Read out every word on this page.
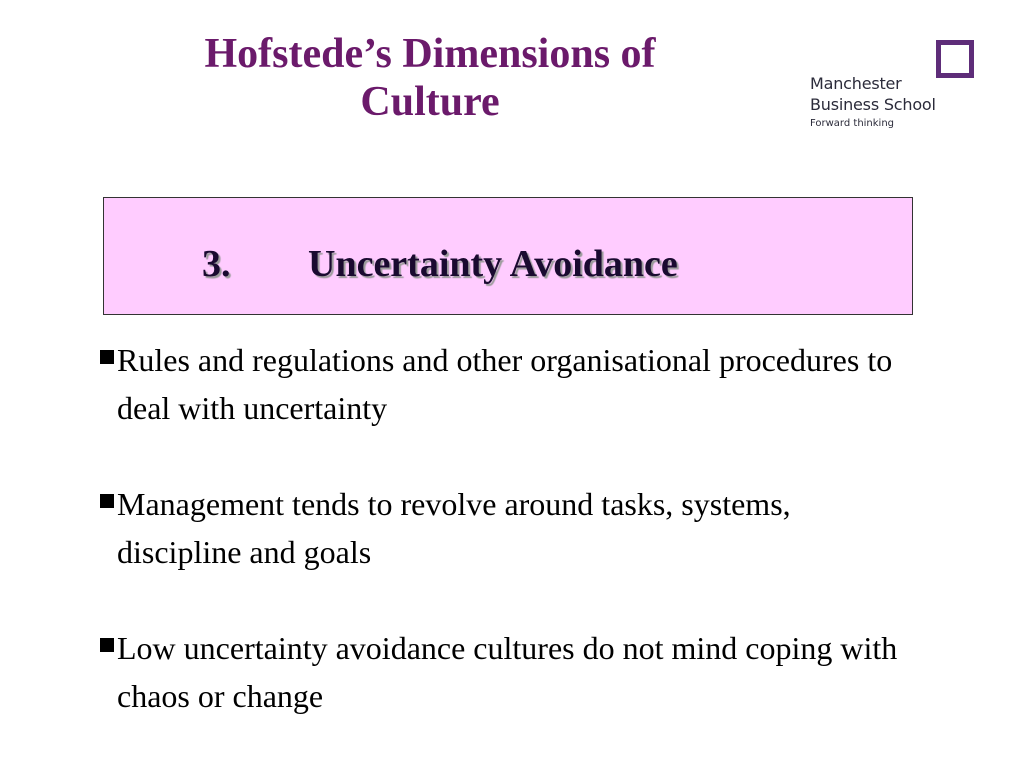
Hofstede’s Dimensions of
Culture	Manchester
Business School
Forward thinking
3. Uncertainty Avoidance
Rules and regulations and other organisational procedures to deal with uncertainty
Management tends to revolve around tasks, systems, discipline and goals
Low uncertainty avoidance cultures do not mind coping with chaos or change
